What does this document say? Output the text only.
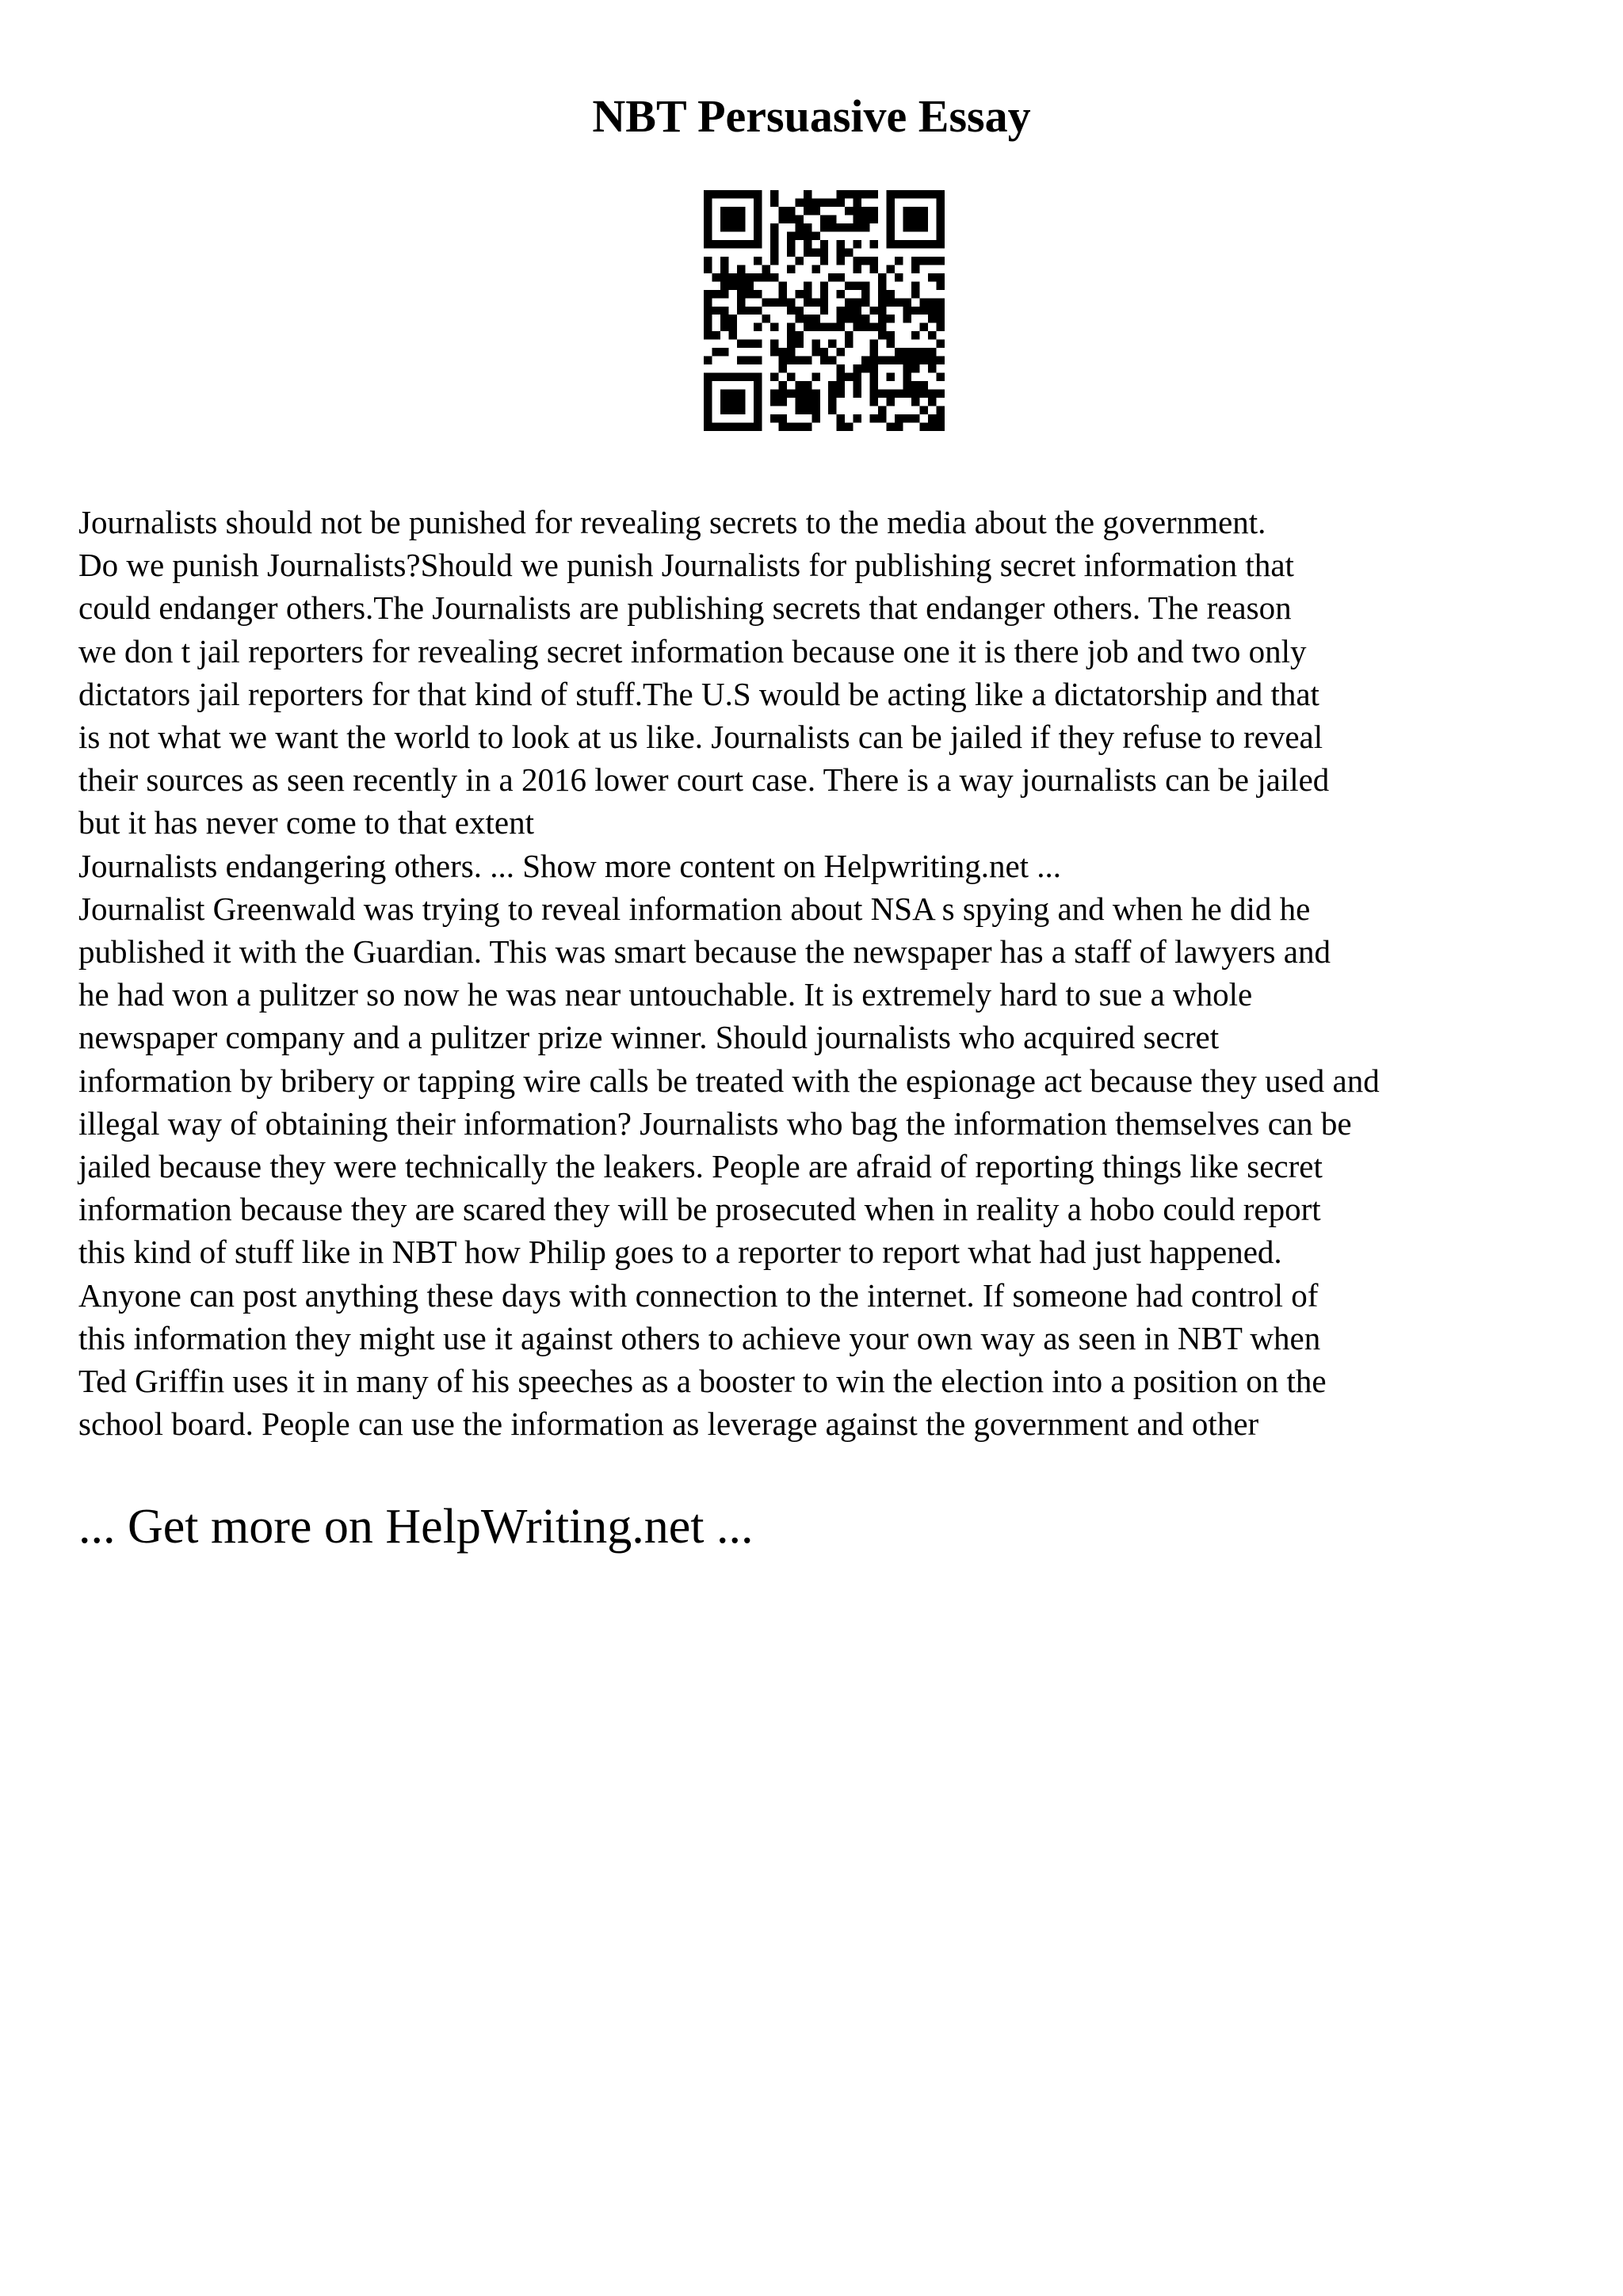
NBT Persuasive Essay
Journalists should not be punished for revealing secrets to the media about the government.
Do we punish Journalists?Should we punish Journalists for publishing secret information that
could endanger others.The Journalists are publishing secrets that endanger others. The reason
we don t jail reporters for revealing secret information because one it is there job and two only
dictators jail reporters for that kind of stuff.The U.S would be acting like a dictatorship and that
is not what we want the world to look at us like. Journalists can be jailed if they refuse to reveal
their sources as seen recently in a 2016 lower court case. There is a way journalists can be jailed
but it has never come to that extent
Journalists endangering others. ... Show more content on Helpwriting.net ...
Journalist Greenwald was trying to reveal information about NSA s spying and when he did he
published it with the Guardian. This was smart because the newspaper has a staff of lawyers and
he had won a pulitzer so now he was near untouchable. It is extremely hard to sue a whole
newspaper company and a pulitzer prize winner. Should journalists who acquired secret
information by bribery or tapping wire calls be treated with the espionage act because they used and
illegal way of obtaining their information? Journalists who bag the information themselves can be
jailed because they were technically the leakers. People are afraid of reporting things like secret
information because they are scared they will be prosecuted when in reality a hobo could report
this kind of stuff like in NBT how Philip goes to a reporter to report what had just happened.
Anyone can post anything these days with connection to the internet. If someone had control of
this information they might use it against others to achieve your own way as seen in NBT when
Ted Griffin uses it in many of his speeches as a booster to win the election into a position on the
school board. People can use the information as leverage against the government and other
... Get more on HelpWriting.net ...
